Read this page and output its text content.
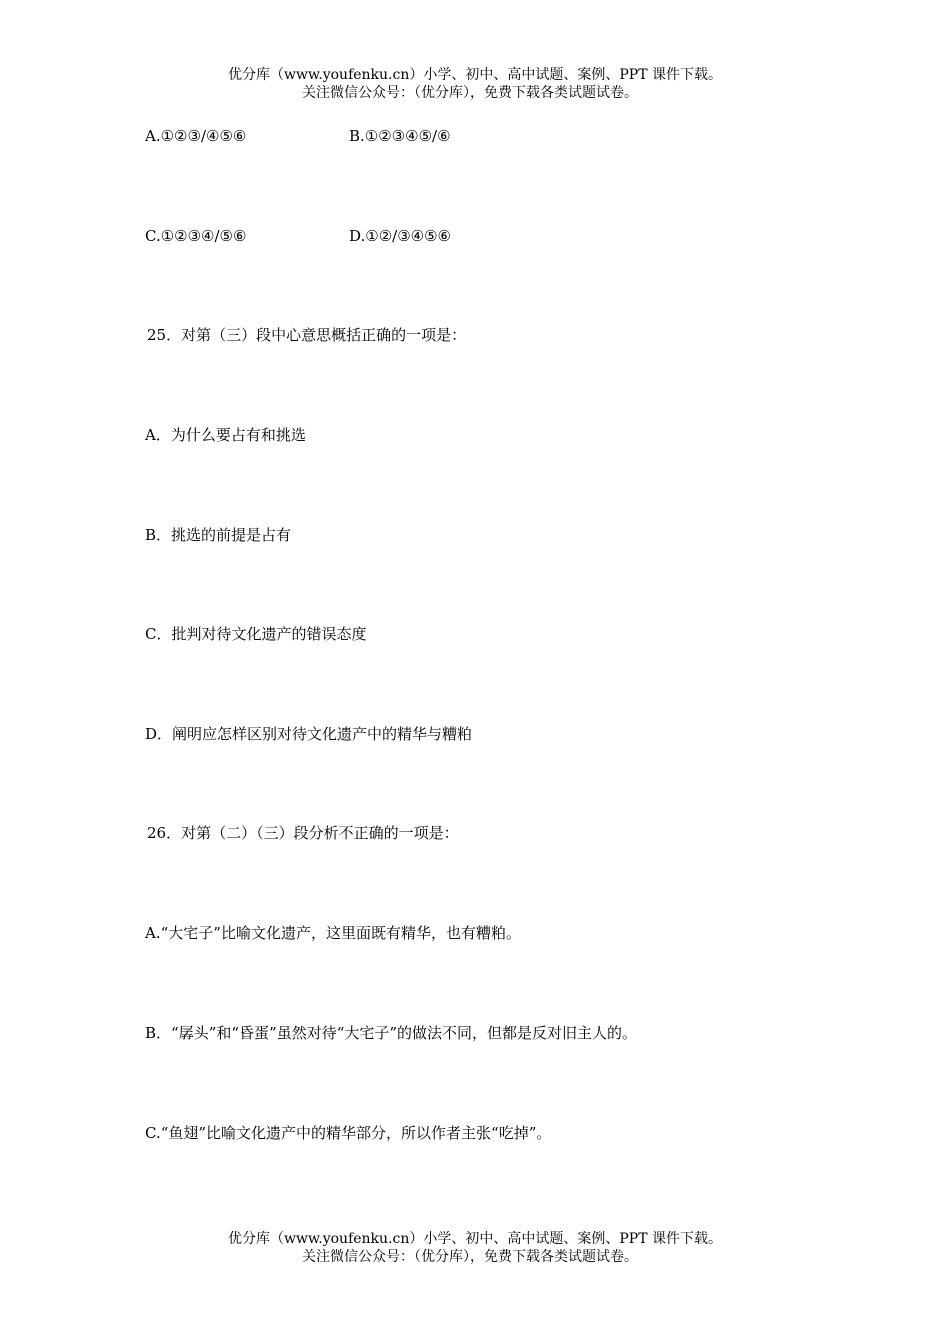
优分库（www.youfenku.cn）小学、初中、高中试题、案例、PPT 课件下载。
关注微信公众号：（优分库），免费下载各类试题试卷。
A.①②③/④⑤⑥	B.①②③④⑤/⑥
C.①②③④/⑤⑥	D.①②/③④⑤⑥
25．对第（三）段中心意思概括正确的一项是：
A．为什么要占有和挑选
B．挑选的前提是占有
C．批判对待文化遗产的错误态度
D．阐明应怎样区别对待文化遗产中的精华与糟粕
26．对第（二）（三）段分析不正确的一项是：
A.“大宅子”比喻文化遗产，这里面既有精华，也有糟粕。
B．“孱头”和“昏蛋”虽然对待“大宅子”的做法不同，但都是反对旧主人的。
C.“鱼翅”比喻文化遗产中的精华部分，所以作者主张“吃掉”。
优分库（www.youfenku.cn）小学、初中、高中试题、案例、PPT 课件下载。
关注微信公众号：（优分库），免费下载各类试题试卷。
